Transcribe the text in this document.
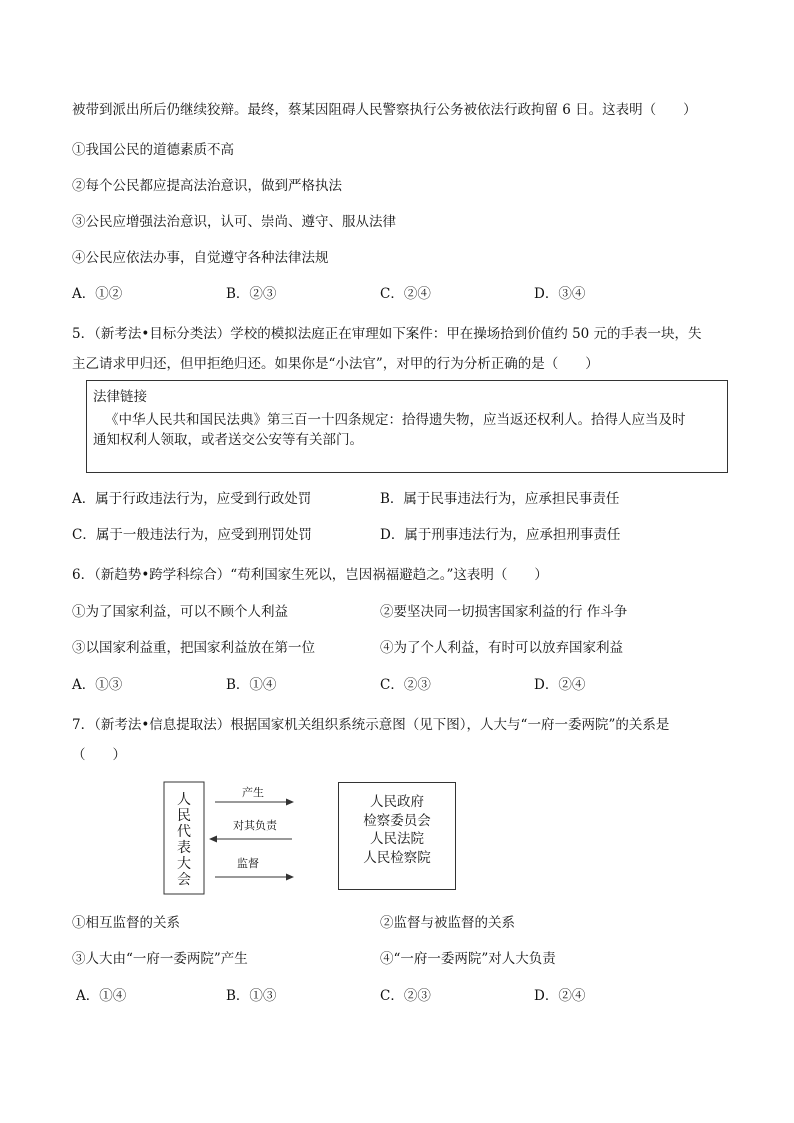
被带到派出所后仍继续狡辩。最终，蔡某因阻碍人民警察执行公务被依法行政拘留 6 日。这表明（　　）
①我国公民的道德素质不高
②每个公民都应提高法治意识，做到严格执法
③公民应增强法治意识，认可、崇尚、遵守、服从法律
④公民应依法办事，自觉遵守各种法律法规
A．①②	B．②③	C．②④	D．③④
5．（新考法•目标分类法）学校的模拟法庭正在审理如下案件：甲在操场拾到价值约 50 元的手表一块，失
主乙请求甲归还，但甲拒绝归还。如果你是“小法官”，对甲的行为分析正确的是（　　）
法律链接
《中华人民共和国民法典》第三百一十四条规定：拾得遗失物，应当返还权利人。拾得人应当及时
通知权利人领取，或者送交公安等有关部门。
A．属于行政违法行为，应受到行政处罚	B．属于民事违法行为，应承担民事责任
C．属于一般违法行为，应受到刑罚处罚	D．属于刑事违法行为，应承担刑事责任
6．（新趋势•跨学科综合）“苟利国家生死以，岂因祸福避趋之。”这表明（　　）
①为了国家利益，可以不顾个人利益	②要坚决同一切损害国家利益的行 作斗争
③以国家利益重，把国家利益放在第一位	④为了个人利益，有时可以放弃国家利益
A．①③	B．①④	C．②③	D．②④
7．（新考法•信息提取法）根据国家机关组织系统示意图（见下图），人大与“一府一委两院”的关系是
（　　）
人民代表大会
产生
对其负责
监督
人民政府
检察委员会
人民法院
人民检察院
①相互监督的关系	②监督与被监督的关系
③人大由“一府一委两院”产生	④“一府一委两院”对人大负责
A．①④	B．①③	C．②③	D．②④
